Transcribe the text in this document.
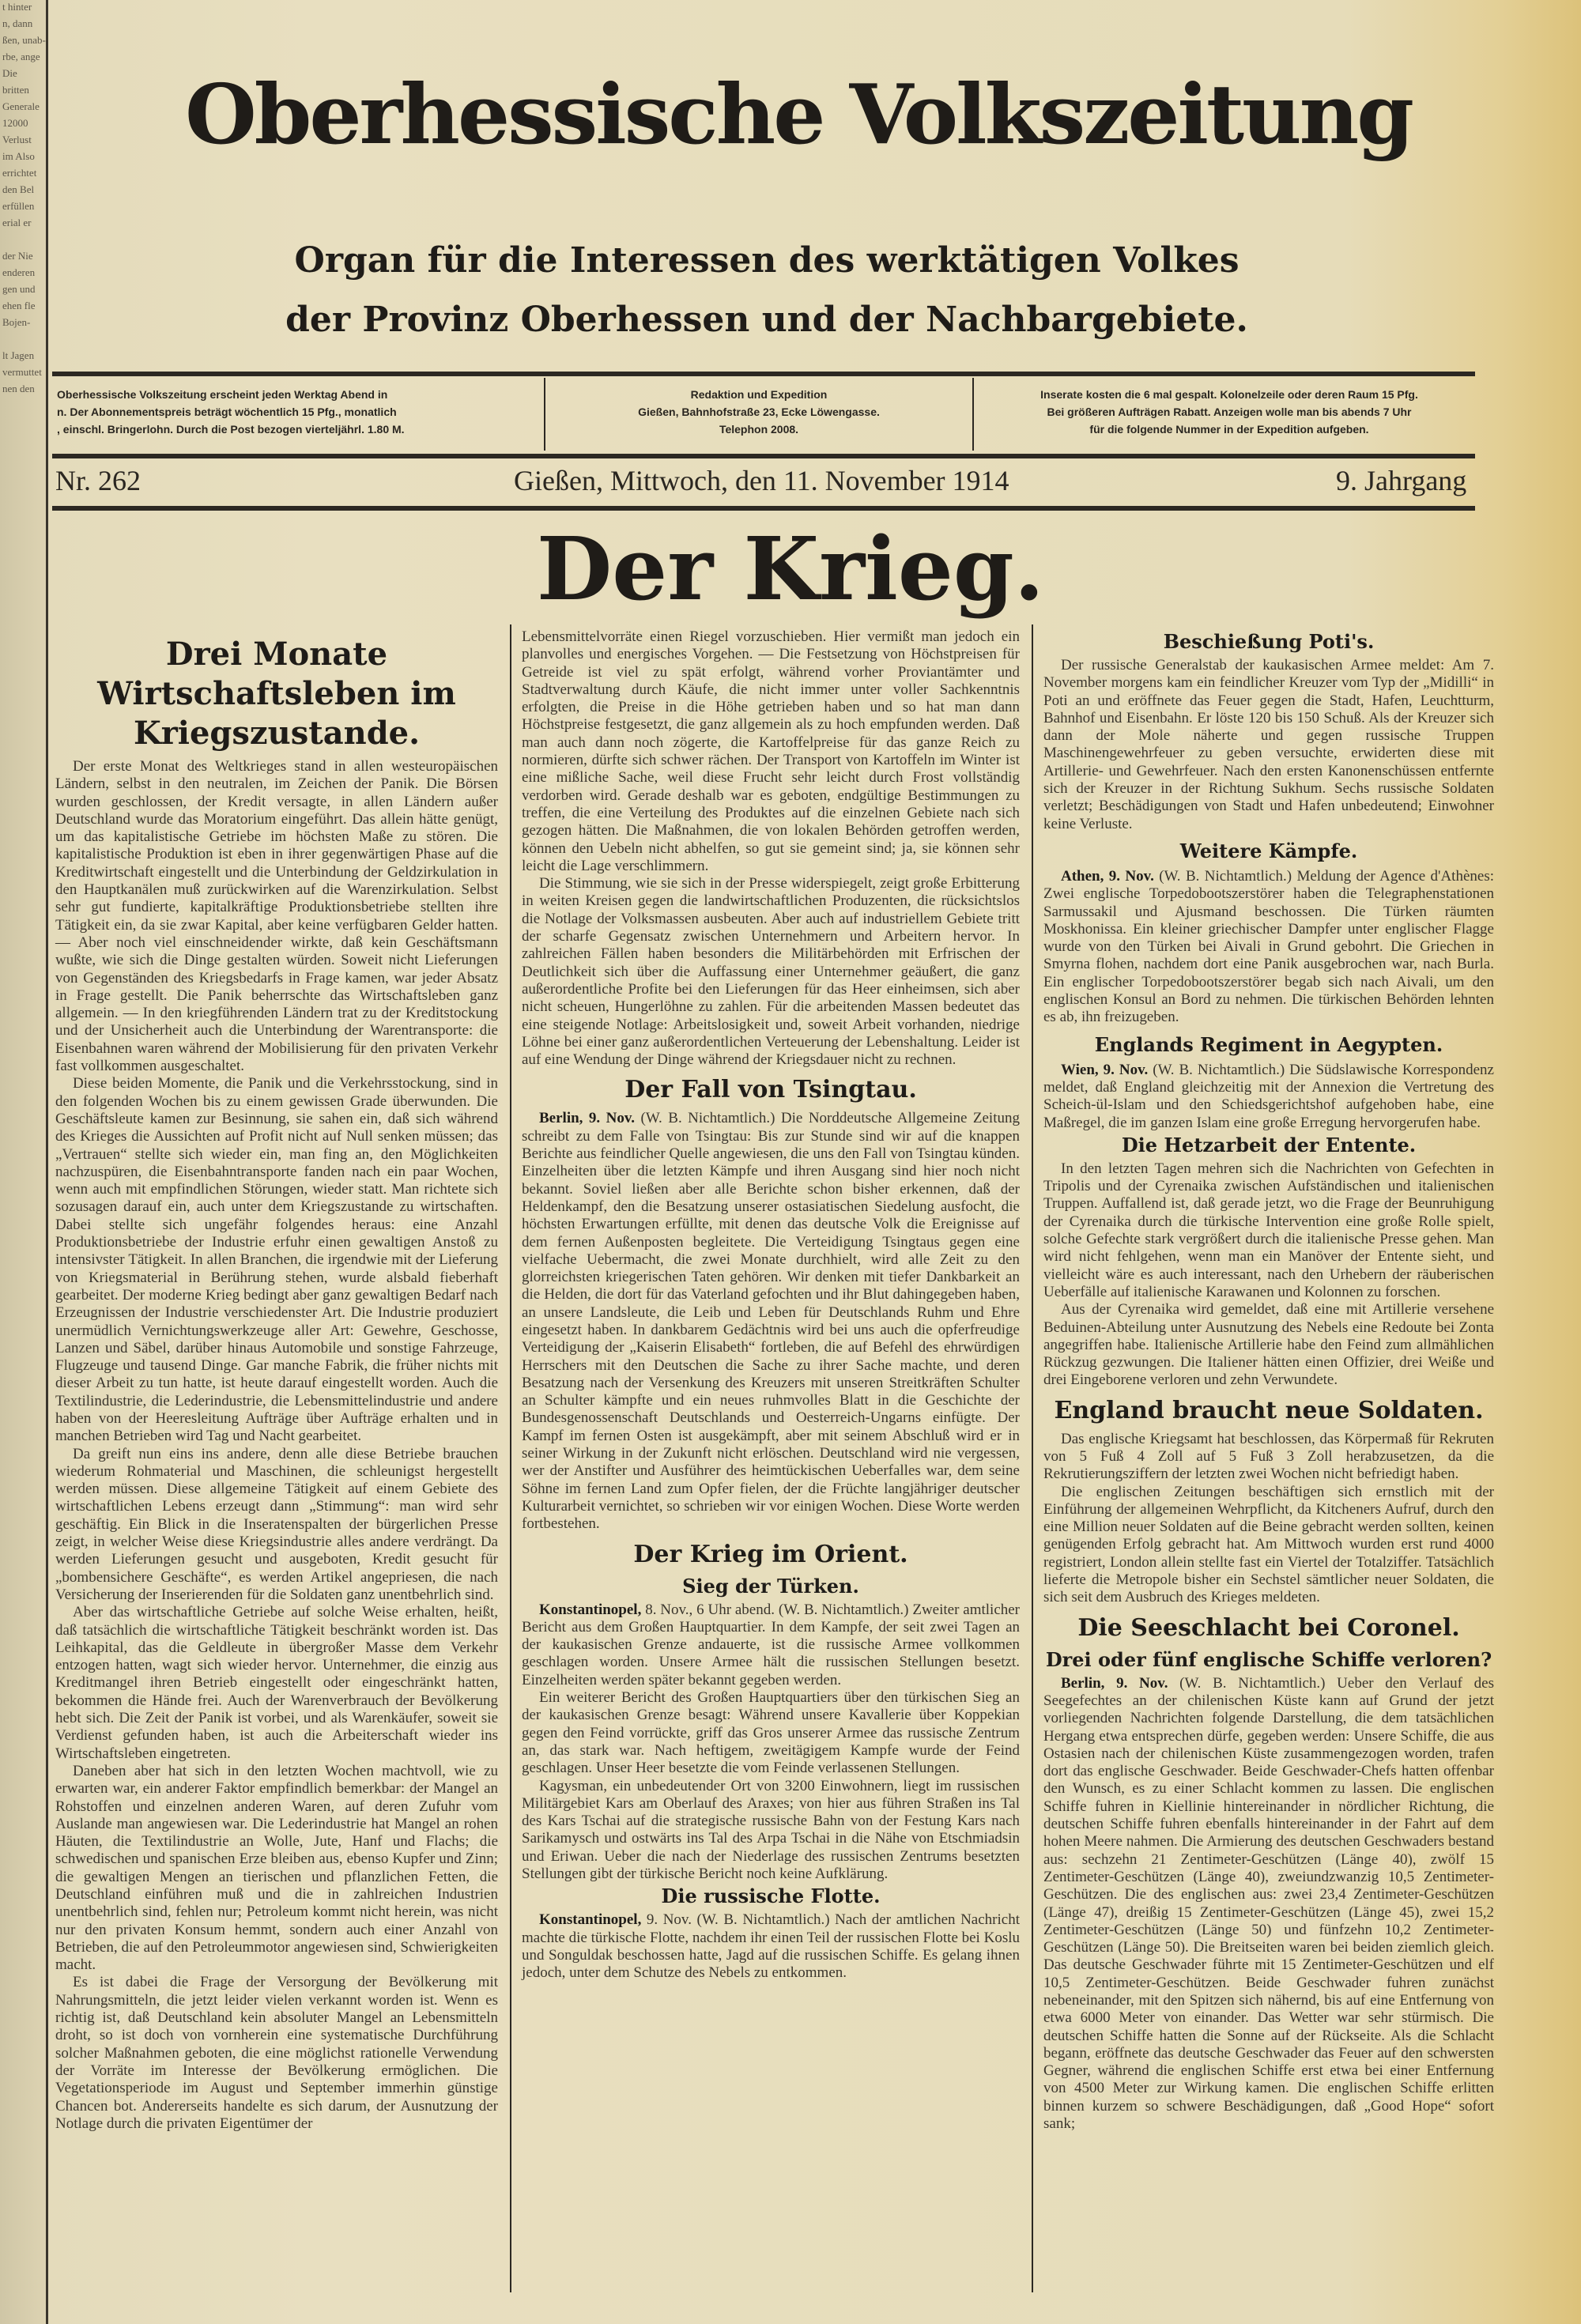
t hinter
n, dann
ßen, unab-
rbe, ange
Die
britten
Generale
12000
Verlust
im Also
errichtet
den Bel
erfüllen
erial er
der Nie
enderen
gen und
ehen fle
Bojen-
lt Jagen
vermuttet
nen den
Oberhessische Volkszeitung
Organ für die Interessen des werktätigen Volkes
der Provinz Oberhessen und der Nachbargebiete.
Oberhessische Volkszeitung erscheint jeden Werktag Abend in
n. Der Abonnementspreis beträgt wöchentlich 15 Pfg., monatlich
, einschl. Bringerlohn. Durch die Post bezogen vierteljährl. 1.80 M.
Redaktion und Expedition
Gießen, Bahnhofstraße 23, Ecke Löwengasse.
Telephon 2008.
Inserate kosten die 6 mal gespalt. Kolonelzeile oder deren Raum 15 Pfg.
Bei größeren Aufträgen Rabatt. Anzeigen wolle man bis abends 7 Uhr
für die folgende Nummer in der Expedition aufgeben.
Nr. 262	Gießen, Mittwoch, den 11. November 1914	9. Jahrgang
Der Krieg.
Drei Monate Wirtschaftsleben im Kriegszustande.

Der erste Monat des Weltkrieges stand in allen westeuropäischen Ländern, selbst in den neutralen, im Zeichen der Panik. Die Börsen wurden geschlossen, der Kredit versagte, in allen Ländern außer Deutschland wurde das Moratorium eingeführt. Das allein hätte genügt, um das kapitalistische Getriebe im höchsten Maße zu stören. Die kapitalistische Produktion ist eben in ihrer gegenwärtigen Phase auf die Kreditwirtschaft eingestellt und die Unterbindung der Geldzirkulation in den Hauptkanälen muß zurückwirken auf die Warenzirkulation. Selbst sehr gut fundierte, kapitalkräftige Produktionsbetriebe stellten ihre Tätigkeit ein, da sie zwar Kapital, aber keine verfügbaren Gelder hatten. — Aber noch viel einschneidender wirkte, daß kein Geschäftsmann wußte, wie sich die Dinge gestalten würden. Soweit nicht Lieferungen von Gegenständen des Kriegsbedarfs in Frage kamen, war jeder Absatz in Frage gestellt. Die Panik beherrschte das Wirtschaftsleben ganz allgemein. — In den kriegführenden Ländern trat zu der Kreditstockung und der Unsicherheit auch die Unterbindung der Warentransporte: die Eisenbahnen waren während der Mobilisierung für den privaten Verkehr fast vollkommen ausgeschaltet.

Diese beiden Momente, die Panik und die Verkehrsstockung, sind in den folgenden Wochen bis zu einem gewissen Grade überwunden. Die Geschäftsleute kamen zur Besinnung, sie sahen ein, daß sich während des Krieges die Aussichten auf Profit nicht auf Null senken müssen; das „Vertrauen“ stellte sich wieder ein, man fing an, den Möglichkeiten nachzuspüren, die Eisenbahntransporte fanden nach ein paar Wochen, wenn auch mit empfindlichen Störungen, wieder statt. Man richtete sich sozusagen darauf ein, auch unter dem Kriegszustande zu wirtschaften. Dabei stellte sich ungefähr folgendes heraus: eine Anzahl Produktionsbetriebe der Industrie erfuhr einen gewaltigen Anstoß zu intensivster Tätigkeit. In allen Branchen, die irgendwie mit der Lieferung von Kriegsmaterial in Berührung stehen, wurde alsbald fieberhaft gearbeitet. Der moderne Krieg bedingt aber ganz gewaltigen Bedarf nach Erzeugnissen der Industrie verschiedenster Art. Die Industrie produziert unermüdlich Vernichtungswerkzeuge aller Art: Gewehre, Geschosse, Lanzen und Säbel, darüber hinaus Automobile und sonstige Fahrzeuge, Flugzeuge und tausend Dinge. Gar manche Fabrik, die früher nichts mit dieser Arbeit zu tun hatte, ist heute darauf eingestellt worden. Auch die Textilindustrie, die Lederindustrie, die Lebensmittelindustrie und andere haben von der Heeresleitung Aufträge über Aufträge erhalten und in manchen Betrieben wird Tag und Nacht gearbeitet.

Da greift nun eins ins andere, denn alle diese Betriebe brauchen wiederum Rohmaterial und Maschinen, die schleunigst hergestellt werden müssen. Diese allgemeine Tätigkeit auf einem Gebiete des wirtschaftlichen Lebens erzeugt dann „Stimmung“: man wird sehr geschäftig. Ein Blick in die Inseratenspalten der bürgerlichen Presse zeigt, in welcher Weise diese Kriegsindustrie alles andere verdrängt. Da werden Lieferungen gesucht und ausgeboten, Kredit gesucht für „bombensichere Geschäfte“, es werden Artikel angepriesen, die nach Versicherung der Inserierenden für die Soldaten ganz unentbehrlich sind.

Aber das wirtschaftliche Getriebe auf solche Weise erhalten, heißt, daß tatsächlich die wirtschaftliche Tätigkeit beschränkt worden ist. Das Leihkapital, das die Geldleute in übergroßer Masse dem Verkehr entzogen hatten, wagt sich wieder hervor. Unternehmer, die einzig aus Kreditmangel ihren Betrieb eingestellt oder eingeschränkt hatten, bekommen die Hände frei. Auch der Warenverbrauch der Bevölkerung hebt sich. Die Zeit der Panik ist vorbei, und als Warenkäufer, soweit sie Verdienst gefunden haben, ist auch die Arbeiterschaft wieder ins Wirtschaftsleben eingetreten.

Daneben aber hat sich in den letzten Wochen machtvoll, wie zu erwarten war, ein anderer Faktor empfindlich bemerkbar: der Mangel an Rohstoffen und einzelnen anderen Waren, auf deren Zufuhr vom Auslande man angewiesen war. Die Lederindustrie hat Mangel an rohen Häuten, die Textilindustrie an Wolle, Jute, Hanf und Flachs; die schwedischen und spanischen Erze bleiben aus, ebenso Kupfer und Zinn; die gewaltigen Mengen an tierischen und pflanzlichen Fetten, die Deutschland einführen muß und die in zahlreichen Industrien unentbehrlich sind, fehlen nur; Petroleum kommt nicht herein, was nicht nur den privaten Konsum hemmt, sondern auch einer Anzahl von Betrieben, die auf den Petroleummotor angewiesen sind, Schwierigkeiten macht.

Es ist dabei die Frage der Versorgung der Bevölkerung mit Nahrungsmitteln, die jetzt leider vielen verkannt worden ist. Wenn es richtig ist, daß Deutschland kein absoluter Mangel an Lebensmitteln droht, so ist doch von vornherein eine systematische Durchführung solcher Maßnahmen geboten, die eine möglichst rationelle Verwendung der Vorräte im Interesse der Bevölkerung ermöglichen. Die Vegetationsperiode im August und September immerhin günstige Chancen bot. Andererseits handelte es sich darum, der Ausnutzung der Notlage durch die privaten Eigentümer der

Lebensmittelvorräte einen Riegel vorzuschieben. Hier vermißt man jedoch ein planvolles und energisches Vorgehen. — Die Festsetzung von Höchstpreisen für Getreide ist viel zu spät erfolgt, während vorher Proviantämter und Stadtverwaltung durch Käufe, die nicht immer unter voller Sachkenntnis erfolgten, die Preise in die Höhe getrieben haben und so hat man dann Höchstpreise festgesetzt, die ganz allgemein als zu hoch empfunden werden. Daß man auch dann noch zögerte, die Kartoffelpreise für das ganze Reich zu normieren, dürfte sich schwer rächen. Der Transport von Kartoffeln im Winter ist eine mißliche Sache, weil diese Frucht sehr leicht durch Frost vollständig verdorben wird. Gerade deshalb war es geboten, endgültige Bestimmungen zu treffen, die eine Verteilung des Produktes auf die einzelnen Gebiete nach sich gezogen hätten. Die Maßnahmen, die von lokalen Behörden getroffen werden, können den Uebeln nicht abhelfen, so gut sie gemeint sind; ja, sie können sehr leicht die Lage verschlimmern.

Die Stimmung, wie sie sich in der Presse widerspiegelt, zeigt große Erbitterung in weiten Kreisen gegen die landwirtschaftlichen Produzenten, die rücksichtslos die Notlage der Volksmassen ausbeuten. Aber auch auf industriellem Gebiete tritt der scharfe Gegensatz zwischen Unternehmern und Arbeitern hervor. In zahlreichen Fällen haben besonders die Militärbehörden mit Erfrischen der Deutlichkeit sich über die Auffassung einer Unternehmer geäußert, die ganz außerordentliche Profite bei den Lieferungen für das Heer einheimsen, sich aber nicht scheuen, Hungerlöhne zu zahlen. Für die arbeitenden Massen bedeutet das eine steigende Notlage: Arbeitslosigkeit und, soweit Arbeit vorhanden, niedrige Löhne bei einer ganz außerordentlichen Verteuerung der Lebenshaltung. Leider ist auf eine Wendung der Dinge während der Kriegsdauer nicht zu rechnen.

Der Fall von Tsingtau.

Berlin, 9. Nov. (W. B. Nichtamtlich.) Die Norddeutsche Allgemeine Zeitung schreibt zu dem Falle von Tsingtau: Bis zur Stunde sind wir auf die knappen Berichte aus feindlicher Quelle angewiesen, die uns den Fall von Tsingtau künden. Einzelheiten über die letzten Kämpfe und ihren Ausgang sind hier noch nicht bekannt. Soviel ließen aber alle Berichte schon bisher erkennen, daß der Heldenkampf, den die Besatzung unserer ostasiatischen Siedelung ausfocht, die höchsten Erwartungen erfüllte, mit denen das deutsche Volk die Ereignisse auf dem fernen Außenposten begleitete. Die Verteidigung Tsingtaus gegen eine vielfache Uebermacht, die zwei Monate durchhielt, wird alle Zeit zu den glorreichsten kriegerischen Taten gehören. Wir denken mit tiefer Dankbarkeit an die Helden, die dort für das Vaterland gefochten und ihr Blut dahingegeben haben, an unsere Landsleute, die Leib und Leben für Deutschlands Ruhm und Ehre eingesetzt haben. In dankbarem Gedächtnis wird bei uns auch die opferfreudige Verteidigung der „Kaiserin Elisabeth“ fortleben, die auf Befehl des ehrwürdigen Herrschers mit den Deutschen die Sache zu ihrer Sache machte, und deren Besatzung nach der Versenkung des Kreuzers mit unseren Streitkräften Schulter an Schulter kämpfte und ein neues ruhmvolles Blatt in die Geschichte der Bundesgenossenschaft Deutschlands und Oesterreich-Ungarns einfügte. Der Kampf im fernen Osten ist ausgekämpft, aber mit seinem Abschluß wird er in seiner Wirkung in der Zukunft nicht erlöschen. Deutschland wird nie vergessen, wer der Anstifter und Ausführer des heimtückischen Ueberfalles war, dem seine Söhne im fernen Land zum Opfer fielen, der die Früchte langjähriger deutscher Kulturarbeit vernichtet, so schrieben wir vor einigen Wochen. Diese Worte werden fortbestehen.

Der Krieg im Orient.
Sieg der Türken.

Konstantinopel, 8. Nov., 6 Uhr abend. (W. B. Nichtamtlich.) Zweiter amtlicher Bericht aus dem Großen Hauptquartier. In dem Kampfe, der seit zwei Tagen an der kaukasischen Grenze andauerte, ist die russische Armee vollkommen geschlagen worden. Unsere Armee hält die russischen Stellungen besetzt. Einzelheiten werden später bekannt gegeben werden.

Ein weiterer Bericht des Großen Hauptquartiers über den türkischen Sieg an der kaukasischen Grenze besagt: Während unsere Kavallerie über Koppekian gegen den Feind vorrückte, griff das Gros unserer Armee das russische Zentrum an, das stark war. Nach heftigem, zweitägigem Kampfe wurde der Feind geschlagen. Unser Heer besetzte die vom Feinde verlassenen Stellungen.

Kagysman, ein unbedeutender Ort von 3200 Einwohnern, liegt im russischen Militärgebiet Kars am Oberlauf des Araxes; von hier aus führen Straßen ins Tal des Kars Tschai auf die strategische russische Bahn von der Festung Kars nach Sarikamysch und ostwärts ins Tal des Arpa Tschai in die Nähe von Etschmiadsin und Eriwan. Ueber die nach der Niederlage des russischen Zentrums besetzten Stellungen gibt der türkische Bericht noch keine Aufklärung.

Die russische Flotte.

Konstantinopel, 9. Nov. (W. B. Nichtamtlich.) Nach der amtlichen Nachricht machte die türkische Flotte, nachdem ihr einen Teil der russischen Flotte bei Koslu und Songuldak beschossen hatte, Jagd auf die russischen Schiffe. Es gelang ihnen jedoch, unter dem Schutze des Nebels zu entkommen.

Beschießung Poti's.

Der russische Generalstab der kaukasischen Armee meldet: Am 7. November morgens kam ein feindlicher Kreuzer vom Typ der „Midilli“ in Poti an und eröffnete das Feuer gegen die Stadt, Hafen, Leuchtturm, Bahnhof und Eisenbahn. Er löste 120 bis 150 Schuß. Als der Kreuzer sich dann der Mole näherte und gegen russische Truppen Maschinengewehrfeuer zu geben versuchte, erwiderten diese mit Artillerie- und Gewehrfeuer. Nach den ersten Kanonenschüssen entfernte sich der Kreuzer in der Richtung Sukhum. Sechs russische Soldaten verletzt; Beschädigungen von Stadt und Hafen unbedeutend; Einwohner keine Verluste.

Weitere Kämpfe.

Athen, 9. Nov. (W. B. Nichtamtlich.) Meldung der Agence d'Athènes: Zwei englische Torpedobootszerstörer haben die Telegraphenstationen Sarmussakil und Ajusmand beschossen. Die Türken räumten Moskhonissa. Ein kleiner griechischer Dampfer unter englischer Flagge wurde von den Türken bei Aivali in Grund gebohrt. Die Griechen in Smyrna flohen, nachdem dort eine Panik ausgebrochen war, nach Burla. Ein englischer Torpedobootszerstörer begab sich nach Aivali, um den englischen Konsul an Bord zu nehmen. Die türkischen Behörden lehnten es ab, ihn freizugeben.

Englands Regiment in Aegypten.

Wien, 9. Nov. (W. B. Nichtamtlich.) Die Südslawische Korrespondenz meldet, daß England gleichzeitig mit der Annexion die Vertretung des Scheich-ül-Islam und den Schiedsgerichtshof aufgehoben habe, eine Maßregel, die im ganzen Islam eine große Erregung hervorgerufen habe.

Die Hetzarbeit der Entente.

In den letzten Tagen mehren sich die Nachrichten von Gefechten in Tripolis und der Cyrenaika zwischen Aufständischen und italienischen Truppen. Auffallend ist, daß gerade jetzt, wo die Frage der Beunruhigung der Cyrenaika durch die türkische Intervention eine große Rolle spielt, solche Gefechte stark vergrößert durch die italienische Presse gehen. Man wird nicht fehlgehen, wenn man ein Manöver der Entente sieht, und vielleicht wäre es auch interessant, nach den Urhebern der räuberischen Ueberfälle auf italienische Karawanen und Kolonnen zu forschen.

Aus der Cyrenaika wird gemeldet, daß eine mit Artillerie versehene Beduinen-Abteilung unter Ausnutzung des Nebels eine Redoute bei Zonta angegriffen habe. Italienische Artillerie habe den Feind zum allmählichen Rückzug gezwungen. Die Italiener hätten einen Offizier, drei Weiße und drei Eingeborene verloren und zehn Verwundete.

England braucht neue Soldaten.

Das englische Kriegsamt hat beschlossen, das Körpermaß für Rekruten von 5 Fuß 4 Zoll auf 5 Fuß 3 Zoll herabzusetzen, da die Rekrutierungsziffern der letzten zwei Wochen nicht befriedigt haben.

Die englischen Zeitungen beschäftigen sich ernstlich mit der Einführung der allgemeinen Wehrpflicht, da Kitcheners Aufruf, durch den eine Million neuer Soldaten auf die Beine gebracht werden sollten, keinen genügenden Erfolg gebracht hat. Am Mittwoch wurden erst rund 4000 registriert, London allein stellte fast ein Viertel der Totalziffer. Tatsächlich lieferte die Metropole bisher ein Sechstel sämtlicher neuer Soldaten, die sich seit dem Ausbruch des Krieges meldeten.

Die Seeschlacht bei Coronel.
Drei oder fünf englische Schiffe verloren?

Berlin, 9. Nov. (W. B. Nichtamtlich.) Ueber den Verlauf des Seegefechtes an der chilenischen Küste kann auf Grund der jetzt vorliegenden Nachrichten folgende Darstellung, die dem tatsächlichen Hergang etwa entsprechen dürfe, gegeben werden: Unsere Schiffe, die aus Ostasien nach der chilenischen Küste zusammengezogen worden, trafen dort das englische Geschwader. Beide Geschwader-Chefs hatten offenbar den Wunsch, es zu einer Schlacht kommen zu lassen. Die englischen Schiffe fuhren in Kiellinie hintereinander in nördlicher Richtung, die deutschen Schiffe fuhren ebenfalls hintereinander in der Fahrt auf dem hohen Meere nahmen. Die Armierung des deutschen Geschwaders bestand aus: sechzehn 21 Zentimeter-Geschützen (Länge 40), zwölf 15 Zentimeter-Geschützen (Länge 40), zweiundzwanzig 10,5 Zentimeter-Geschützen. Die des englischen aus: zwei 23,4 Zentimeter-Geschützen (Länge 47), dreißig 15 Zentimeter-Geschützen (Länge 45), zwei 15,2 Zentimeter-Geschützen (Länge 50) und fünfzehn 10,2 Zentimeter-Geschützen (Länge 50). Die Breitseiten waren bei beiden ziemlich gleich. Das deutsche Geschwader führte mit 15 Zentimeter-Geschützen und elf 10,5 Zentimeter-Geschützen. Beide Geschwader fuhren zunächst nebeneinander, mit den Spitzen sich nähernd, bis auf eine Entfernung von etwa 6000 Meter von einander. Das Wetter war sehr stürmisch. Die deutschen Schiffe hatten die Sonne auf der Rückseite. Als die Schlacht begann, eröffnete das deutsche Geschwader das Feuer auf den schwersten Gegner, während die englischen Schiffe erst etwa bei einer Entfernung von 4500 Meter zur Wirkung kamen. Die englischen Schiffe erlitten binnen kurzem so schwere Beschädigungen, daß „Good Hope“ sofort sank;
